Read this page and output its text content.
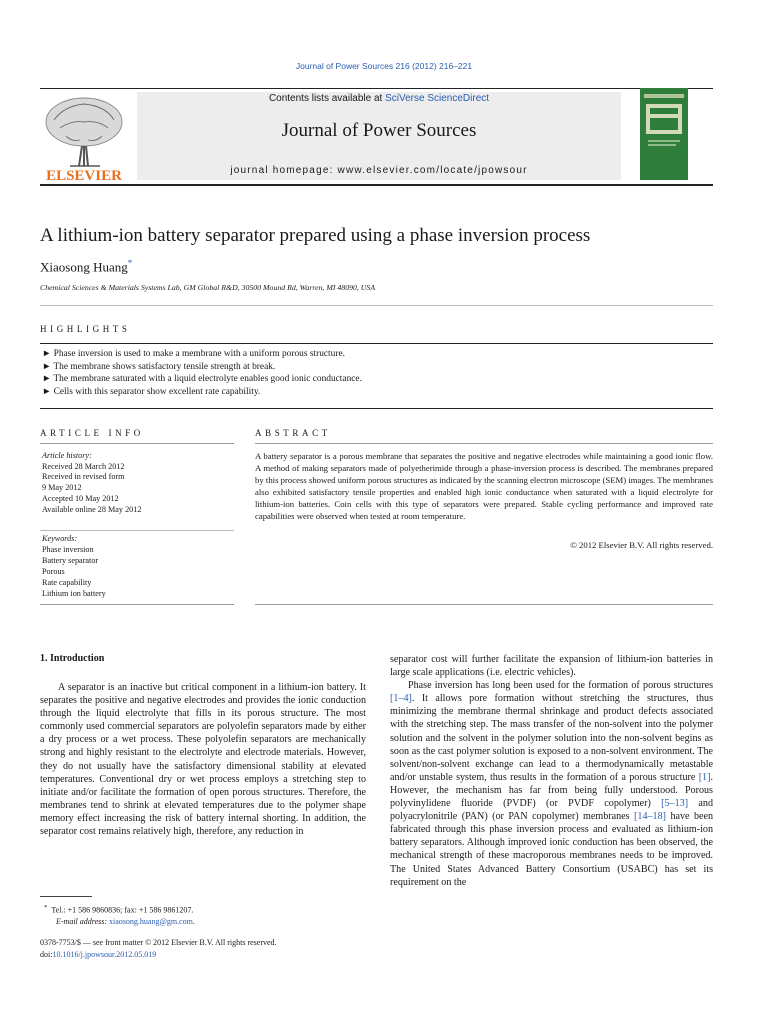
Journal of Power Sources 216 (2012) 216–221
ELSEVIER
Contents lists available at SciVerse ScienceDirect
Journal of Power Sources
journal homepage: www.elsevier.com/locate/jpowsour
A lithium-ion battery separator prepared using a phase inversion process
Xiaosong Huang*
Chemical Sciences & Materials Systems Lab, GM Global R&D, 30500 Mound Rd, Warren, MI 48090, USA
HIGHLIGHTS
► Phase inversion is used to make a membrane with a uniform porous structure.
► The membrane shows satisfactory tensile strength at break.
► The membrane saturated with a liquid electrolyte enables good ionic conductance.
► Cells with this separator show excellent rate capability.
ARTICLE INFO
Article history:
Received 28 March 2012
Received in revised form
9 May 2012
Accepted 10 May 2012
Available online 28 May 2012
Keywords:
Phase inversion
Battery separator
Porous
Rate capability
Lithium ion battery
ABSTRACT
A battery separator is a porous membrane that separates the positive and negative electrodes while maintaining a good ionic flow. A method of making separators made of polyetherimide through a phase-inversion process is described. The membranes prepared by this process showed uniform porous structures as indicated by the scanning electron microscope (SEM) images. The membranes also exhibited satisfactory tensile properties and enabled high ionic conductance when saturated with a liquid electrolyte for lithium-ion batteries. Coin cells with this type of separators were prepared. Stable cycling performance and improved rate capabilities were observed when tested at room temperature.
© 2012 Elsevier B.V. All rights reserved.
1. Introduction

A separator is an inactive but critical component in a lithium-ion battery. It separates the positive and negative electrodes and provides the ionic conduction through the liquid electrolyte that fills in its porous structure. The most commonly used commercial separators are polyolefin separators made by either a dry process or a wet process. These polyolefin separators are mechanically strong and highly resistant to the electrolyte and electrode materials. However, they do not usually have the satisfactory dimensional stability at elevated temperatures. Conventional dry or wet process employs a stretching step to initiate and/or facilitate the formation of open porous structures. Therefore, the membranes tend to shrink at elevated temperatures due to the polymer shape memory effect increasing the risk of battery internal shorting. In addition, the separator cost remains relatively high, therefore, any reduction in

separator cost will further facilitate the expansion of lithium-ion batteries in large scale applications (i.e. electric vehicles).

Phase inversion has long been used for the formation of porous structures [1–4]. It allows pore formation without stretching the structures, thus minimizing the membrane thermal shrinkage and product defects associated with the stretching step. The mass transfer of the non-solvent into the polymer solution and the solvent in the polymer solution into the non-solvent begins as soon as the cast polymer solution is exposed to a non-solvent environment. The solvent/non-solvent exchange can lead to a thermodynamically metastable and/or unstable system, thus results in the formation of a porous structure [1]. However, the mechanism has far from being fully understood. Porous polyvinylidene fluoride (PVDF) (or PVDF copolymer) [5–13] and polyacrylonitrile (PAN) (or PAN copolymer) membranes [14–18] have been fabricated through this phase inversion process and evaluated as lithium-ion battery separators. Although improved ionic conduction has been observed, the mechanical strength of these macroporous membranes needs to be improved. The United States Advanced Battery Consortium (USABC) has set its requirement on the

* Tel.: +1 586 9860836; fax: +1 586 9861207.
E-mail address: xiaosong.huang@gm.com.
0378-7753/$ — see front matter © 2012 Elsevier B.V. All rights reserved.
doi:10.1016/j.jpowsour.2012.05.019
